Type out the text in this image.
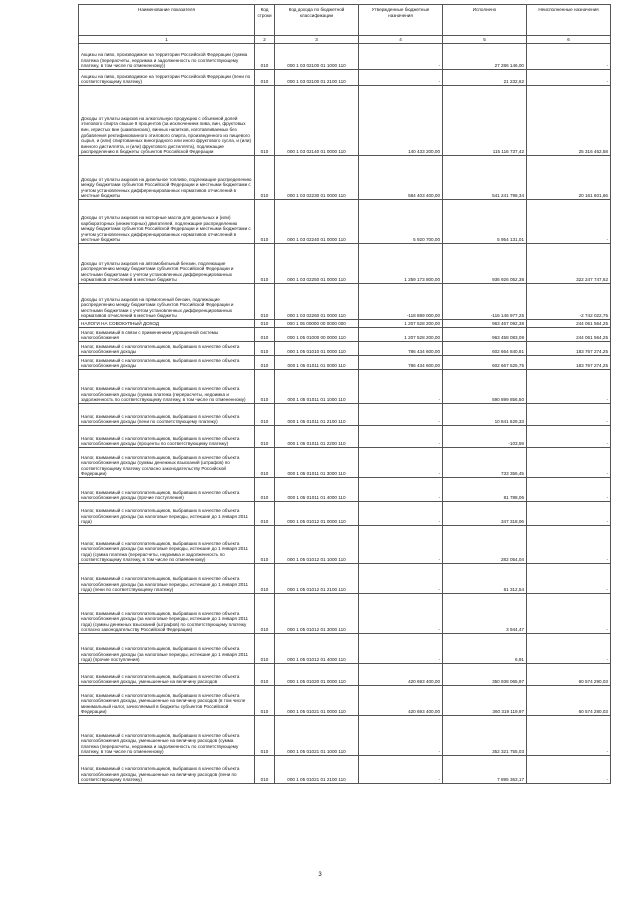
Наименование показателя	Код строки	Код дохода по бюджетной классификации	Утвержденные бюджетные назначения	Исполнено	Неисполненные назначения
1	2	3	4	5	6
Акцизы на пиво, производимое на территории Российской Федерации (сумма платежа (перерасчеты, недоимка и задолженность по соответствующему платежу, в том числе по отмененному))	010	000 1 03 02100 01 1000 110	-	27 286 146,00	-
Акцизы на пиво, производимое на территории Российской Федерации (пени по соответствующему платежу)	010	000 1 03 02100 01 2100 110	-	21 232,62	-
Доходы от уплаты акцизов на алкогольную продукцию с объемной долей этилового спирта свыше 9 процентов (за исключением пива, вин, фруктовых вин, игристых вин (шампанских), винных напитков, изготавливаемых без добавления ректификованного этилового спирта, произведенного из пищевого сырья, и (или) спиртованных виноградного или иного фруктового сусла, и (или) винного дистиллята, и (или) фруктового дистиллята), подлежащие распределению в бюджеты субъектов Российской Федерации	010	000 1 03 02140 01 0000 110	140 433 200,00	115 116 737,42	25 316 462,58
Доходы от уплаты акцизов на дизельное топливо, подлежащие распределению между бюджетами субъектов Российской Федерации и местными бюджетами с учетом установленных дифференцированных нормативов отчислений в местные бюджеты	010	000 1 03 02230 01 0000 110	584 403 400,00	541 241 798,34	20 161 601,66
Доходы от уплаты акцизов на моторные масла для дизельных и (или) карбюраторных (инжекторных) двигателей, подлежащие распределению между бюджетами субъектов Российской Федерации и местными бюджетами с учетом установленных дифференцированных нормативов отчислений в местные бюджеты	010	000 1 03 02240 01 0000 110	5 920 700,00	5 954 131,01	-
Доходы от уплаты акцизов на автомобильный бензин, подлежащие распределению между бюджетами субъектов Российской Федерации и местными бюджетами с учетом установленных дифференцированных нормативов отчислений в местные бюджеты	010	000 1 03 02250 01 0000 110	1 259 173 800,00	936 926 052,38	322 247 747,62
Доходы от уплаты акцизов на прямогонный бензин, подлежащие распределению между бюджетами субъектов Российской Федерации и местными бюджетами с учетом установленных дифференцированных нормативов отчислений в местные бюджеты	010	000 1 03 02260 01 0000 110	-118 889 000,00	-116 146 977,25	-2 742 022,75
НАЛОГИ НА СОВОКУПНЫЙ ДОХОД	010	000 1 05 00000 00 0000 000	1 207 528 200,00	963 467 092,38	244 061 564,25
Налог, взимаемый в связи с применением упрощенной системы налогообложения	010	000 1 05 01000 00 0000 110	1 207 528 200,00	963 458 083,08	244 061 564,25
Налог, взимаемый с налогоплательщиков, выбравших в качестве объекта налогообложения доходы	010	000 1 05 01010 01 0000 110	786 434 600,00	602 664 840,81	183 767 274,25
Налог, взимаемый с налогоплательщиков, выбравших в качестве объекта налогообложения доходы	010	000 1 05 01011 01 0000 110	786 434 600,00	602 667 525,75	183 767 274,25
Налог, взимаемый с налогоплательщиков, выбравших в качестве объекта налогообложения доходы (сумма платежа (перерасчеты, недоимка и задолженность по соответствующему платежу, в том числе по отмененному)	010	000 1 05 01011 01 1000 110	-	590 899 856,50	-
Налог, взимаемый с налогоплательщиков, выбравших в качестве объекта налогообложения доходы (пени по соответствующему платежу)	010	000 1 05 01011 01 2100 110	-	10 841 629,33	-
Налог, взимаемый с налогоплательщиков, выбравших в качестве объекта налогообложения доходы (проценты по соответствующему платежу)	010	000 1 05 01011 01 2200 110	-	-103,59	-
Налог, взимаемый с налогоплательщиков, выбравших в качестве объекта налогообложения доходы (суммы денежных взысканий (штрафов) по соответствующему платежу согласно законодательству Российской Федерации)	010	000 1 05 01011 01 3000 110	-	733 356,45	-
Налог, взимаемый с налогоплательщиков, выбравших в качестве объекта налогообложения доходы (прочие поступления)	010	000 1 05 01011 01 4000 110	-	81 788,06	-
Налог, взимаемый с налогоплательщиков, выбравших в качестве объекта налогообложения доходы (за налоговые периоды, истекшие до 1 января 2011 года)	010	000 1 05 01012 01 0000 110	-	347 318,06	-
Налог, взимаемый с налогоплательщиков, выбравших в качестве объекта налогообложения доходы (за налоговые периоды, истекшие до 1 января 2011 года) (сумма платежа (перерасчеты, недоимка и задолженность по соответствующему платежу, в том числе по отмененному)	010	000 1 05 01012 01 1000 110	-	282 054,04	-
Налог, взимаемый с налогоплательщиков, выбравших в качестве объекта налогообложения доходы (за налоговые периоды, истекшие до 1 января 2011 года) (пени по соответствующему платежу)	010	000 1 05 01012 01 2100 110	-	61 312,54	-
Налог, взимаемый с налогоплательщиков, выбравших в качестве объекта налогообложения доходы (за налоговые периоды, истекшие до 1 января 2011 года) (суммы денежных взысканий (штрафов) по соответствующему платежу согласно законодательству Российской Федерации)	010	000 1 05 01012 01 3000 110	-	3 944,47	-
Налог, взимаемый с налогоплательщиков, выбравших в качестве объекта налогообложения доходы (за налоговые периоды, истекшие до 1 января 2011 года) (прочие поступления)	010	000 1 05 01012 01 4000 110	-	6,91	-
Налог, взимаемый с налогоплательщиков, выбравших в качестве объекта налогообложения доходы, уменьшенные на величину расходов	010	000 1 05 01020 01 0000 110	420 693 400,00	350 938 065,97	60 574 290,03
Налог, взимаемый с налогоплательщиков, выбравших в качестве объекта налогообложения доходы, уменьшенные на величину расходов (в том числе минимальный налог, зачисляемый в бюджеты субъектов Российской Федерации)	010	000 1 05 01021 01 0000 110	420 693 400,00	360 319 119,97	60 574 280,03
Налог, взимаемый с налогоплательщиков, выбравших в качестве объекта налогообложения доходы, уменьшенные на величину расходов (сумма платежа (перерасчеты, недоимка и задолженность по соответствующему платежу, в том числе по отмененному)	010	000 1 05 01021 01 1000 110	-	352 321 755,03	-
Налог, взимаемый с налогоплательщиков, выбравших в качестве объекта налогообложения доходы, уменьшенные на величину расходов (пени по соответствующему платежу)	010	000 1 05 01021 01 2100 110	-	7 895 363,17	-
3
